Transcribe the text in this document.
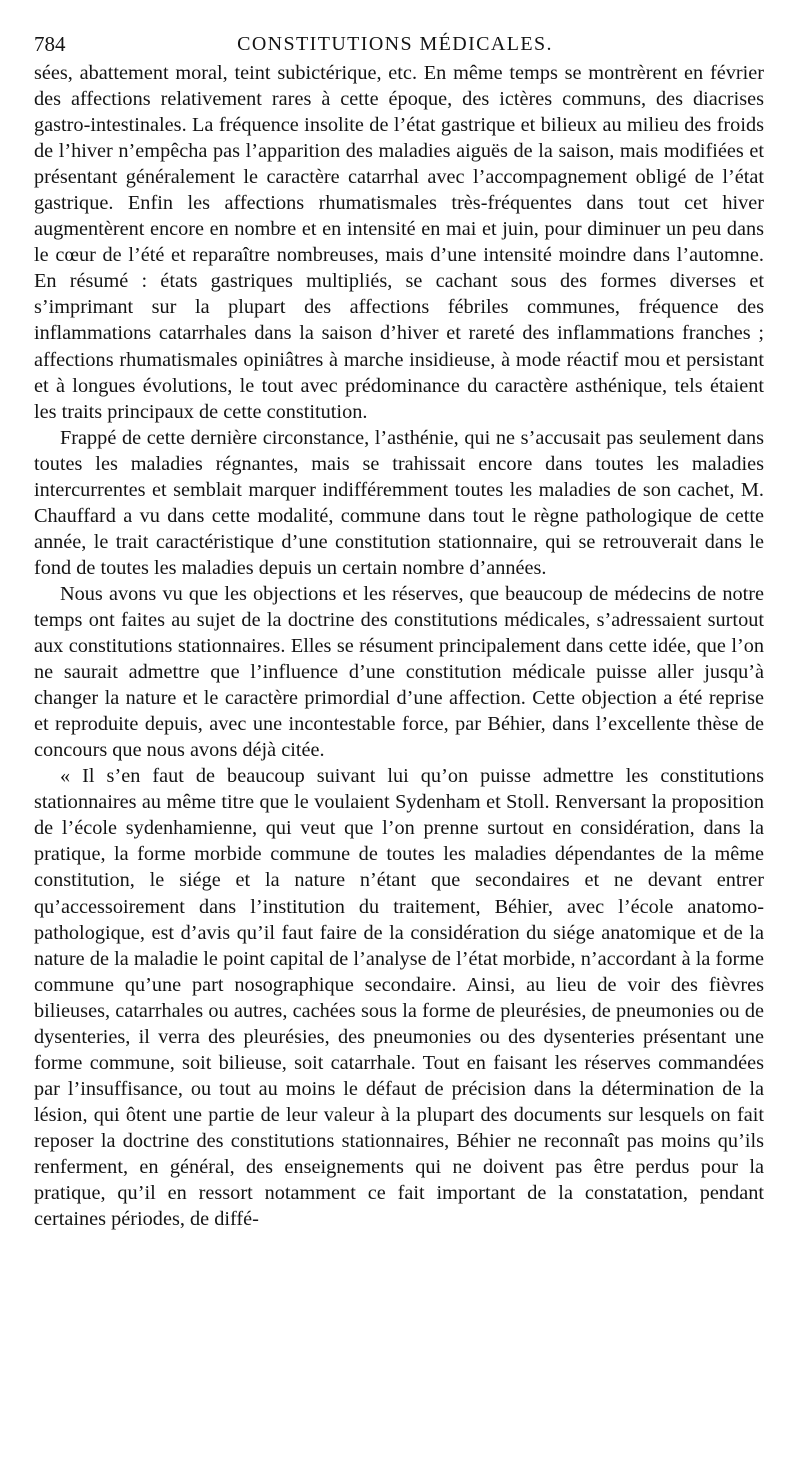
784	CONSTITUTIONS MÉDICALES.

sées, abattement moral, teint subictérique, etc. En même temps se montrèrent en février des affections relativement rares à cette époque, des ictères communs, des diacrises gastro-intestinales. La fréquence insolite de l’état gastrique et bilieux au milieu des froids de l’hiver n’empêcha pas l’apparition des maladies aiguës de la saison, mais modifiées et présentant généralement le caractère catarrhal avec l’accompagnement obligé de l’état gastrique. Enfin les affections rhumatismales très-fréquentes dans tout cet hiver augmentèrent encore en nombre et en intensité en mai et juin, pour diminuer un peu dans le cœur de l’été et reparaître nombreuses, mais d’une intensité moindre dans l’automne. En résumé : états gastriques multipliés, se cachant sous des formes diverses et s’imprimant sur la plupart des affections fébriles communes, fréquence des inflammations catarrhales dans la saison d’hiver et rareté des inflammations franches ; affections rhumatismales opiniâtres à marche insidieuse, à mode réactif mou et persistant et à longues évolutions, le tout avec prédominance du caractère asthénique, tels étaient les traits principaux de cette constitution.

Frappé de cette dernière circonstance, l’asthénie, qui ne s’accusait pas seulement dans toutes les maladies régnantes, mais se trahissait encore dans toutes les maladies intercurrentes et semblait marquer indifféremment toutes les maladies de son cachet, M. Chauffard a vu dans cette modalité, commune dans tout le règne pathologique de cette année, le trait caractéristique d’une constitution stationnaire, qui se retrouverait dans le fond de toutes les maladies depuis un certain nombre d’années.

Nous avons vu que les objections et les réserves, que beaucoup de médecins de notre temps ont faites au sujet de la doctrine des constitutions médicales, s’adressaient surtout aux constitutions stationnaires. Elles se résument principalement dans cette idée, que l’on ne saurait admettre que l’influence d’une constitution médicale puisse aller jusqu’à changer la nature et le caractère primordial d’une affection. Cette objection a été reprise et reproduite depuis, avec une incontestable force, par Béhier, dans l’excellente thèse de concours que nous avons déjà citée.

« Il s’en faut de beaucoup suivant lui qu’on puisse admettre les constitutions stationnaires au même titre que le voulaient Sydenham et Stoll. Renversant la proposition de l’école sydenhamienne, qui veut que l’on prenne surtout en considération, dans la pratique, la forme morbide commune de toutes les maladies dépendantes de la même constitution, le siége et la nature n’étant que secondaires et ne devant entrer qu’accessoirement dans l’institution du traitement, Béhier, avec l’école anatomo-pathologique, est d’avis qu’il faut faire de la considération du siége anatomique et de la nature de la maladie le point capital de l’analyse de l’état morbide, n’accordant à la forme commune qu’une part nosographique secondaire. Ainsi, au lieu de voir des fièvres bilieuses, catarrhales ou autres, cachées sous la forme de pleurésies, de pneumonies ou de dysenteries, il verra des pleurésies, des pneumonies ou des dysenteries présentant une forme commune, soit bilieuse, soit catarrhale. Tout en faisant les réserves commandées par l’insuffisance, ou tout au moins le défaut de précision dans la détermination de la lésion, qui ôtent une partie de leur valeur à la plupart des documents sur lesquels on fait reposer la doctrine des constitutions stationnaires, Béhier ne reconnaît pas moins qu’ils renferment, en général, des enseignements qui ne doivent pas être perdus pour la pratique, qu’il en ressort notamment ce fait important de la constatation, pendant certaines périodes, de diffé-
